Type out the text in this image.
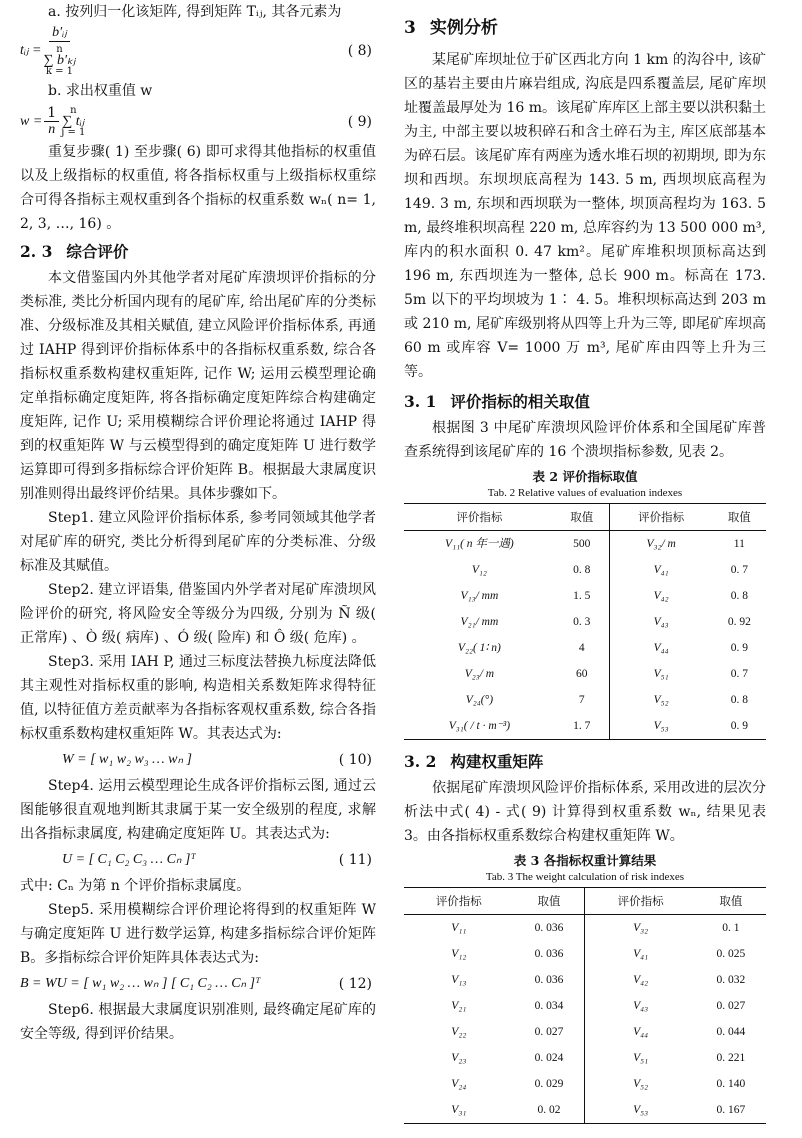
a. 按列归一化该矩阵, 得到矩阵 Tᵢⱼ, 其各元素为

tᵢⱼ = b′ᵢⱼ
n
∑ b′ₖⱼ
k = 1	( 8)

b. 求出权重值 w

$w = \frac{1}{n}$ n
∑ tᵢⱼ
j = 1
( 9)

重复步骤( 1) 至步骤( 6) 即可求得其他指标的权重值以及上级指标的权重值, 将各指标权重与上级指标权重综合可得各指标主观权重到各个指标的权重系数 wₙ( n= 1, 2, 3, …, 16) 。

2. 3 综合评价

本文借鉴国内外其他学者对尾矿库溃坝评价指标的分类标准, 类比分析国内现有的尾矿库, 给出尾矿库的分类标准、分级标准及其相关赋值, 建立风险评价指标体系, 再通过 IAHP 得到评价指标体系中的各指标权重系数, 综合各指标权重系数构建权重矩阵, 记作 W; 运用云模型理论确定单指标确定度矩阵, 将各指标确定度矩阵综合构建确定度矩阵, 记作 U; 采用模糊综合评价理论将通过 IAHP 得到的权重矩阵 W 与云模型得到的确定度矩阵 U 进行数学运算即可得到多指标综合评价矩阵 B。根据最大隶属度识别准则得出最终评价结果。具体步骤如下。

Step1. 建立风险评价指标体系, 参考同领域其他学者对尾矿库的研究, 类比分析得到尾矿库的分类标准、分级标准及其赋值。

Step2. 建立评语集, 借鉴国内外学者对尾矿库溃坝风险评价的研究, 将风险安全等级分为四级, 分别为 Ñ 级( 正常库) 、Ò 级( 病库) 、Ó 级( 险库) 和 Ô 级( 危库) 。

Step3. 采用 IAH P, 通过三标度法替换九标度法降低其主观性对指标权重的影响, 构造相关系数矩阵求得特征值, 以特征值方差贡献率为各指标客观权重系数, 综合各指标权重系数构建权重矩阵 W。其表达式为:

W = [ w₁ w₂ w₃ … wₙ ]	( 10)

Step4. 运用云模型理论生成各评价指标云图, 通过云图能够很直观地判断其隶属于某一安全级别的程度, 求解出各指标隶属度, 构建确定度矩阵 U。其表达式为:

U = [ C₁ C₂ C₃ … Cₙ ]ᵀ	( 11)

式中: Cₙ 为第 n 个评价指标隶属度。

Step5. 采用模糊综合评价理论将得到的权重矩阵 W 与确定度矩阵 U 进行数学运算, 构建多指标综合评价矩阵 B。多指标综合评价矩阵具体表达式为:

B = WU = [ w₁ w₂ … wₙ ] [ C₁ C₂ … Cₙ ]ᵀ	( 12)

Step6. 根据最大隶属度识别准则, 最终确定尾矿库的安全等级, 得到评价结果。

3 实例分析

某尾矿库坝址位于矿区西北方向 1 km 的沟谷中, 该矿区的基岩主要由片麻岩组成, 沟底是四系覆盖层, 尾矿库坝址覆盖最厚处为 16 m。该尾矿库库区上部主要以洪积黏土为主, 中部主要以坡积碎石和含土碎石为主, 库区底部基本为碎石层。该尾矿库有两座为透水堆石坝的初期坝, 即为东坝和西坝。东坝坝底高程为 143. 5 m, 西坝坝底高程为 149. 3 m, 东坝和西坝联为一整体, 坝顶高程均为 163. 5 m, 最终堆积坝高程 220 m, 总库容约为 13 500 000 m³, 库内的积水面积 0. 47 km²。尾矿库堆积坝顶标高达到 196 m, 东西坝连为一整体, 总长 900 m。标高在 173. 5m 以下的平均坝坡为 1∶ 4. 5。堆积坝标高达到 203 m 或 210 m, 尾矿库级别将从四等上升为三等, 即尾矿库坝高 60 m 或库容 V= 1000 万 m³, 尾矿库由四等上升为三等。

3. 1 评价指标的相关取值

根据图 3 中尾矿库溃坝风险评价体系和全国尾矿库普查系统得到该尾矿库的 16 个溃坝指标参数, 见表 2。

表 2 评价指标取值
Tab. 2 Relative values of evaluation indexes
评价指标	取值	评价指标	取值
V₁₁( n 年一遇)	500	V₃₂/ m	11
V₁₂	0. 8	V₄₁	0. 7
V₁₃/ mm	1. 5	V₄₂	0. 8
V₂₁/ mm	0. 3	V₄₃	0. 92
V₂₂( 1∶ n)	4	V₄₄	0. 9
V₂₃/ m	60	V₅₁	0. 7
V₂₄(°)	7	V₅₂	0. 8
V₃₁( / t · m⁻³)	1. 7	V₅₃	0. 9
3. 2 构建权重矩阵

依据尾矿库溃坝风险评价指标体系, 采用改进的层次分析法中式( 4) - 式( 9) 计算得到权重系数 wₙ, 结果见表 3。由各指标权重系数综合构建权重矩阵 W。

表 3 各指标权重计算结果
Tab. 3 The weight calculation of risk indexes
评价指标	取值	评价指标	取值
V₁₁	0. 036	V₃₂	0. 1
V₁₂	0. 036	V₄₁	0. 025
V₁₃	0. 036	V₄₂	0. 032
V₂₁	0. 034	V₄₃	0. 027
V₂₂	0. 027	V₄₄	0. 044
V₂₃	0. 024	V₅₁	0. 221
V₂₄	0. 029	V₅₂	0. 140
V₃₁	0. 02	V₅₃	0. 167
